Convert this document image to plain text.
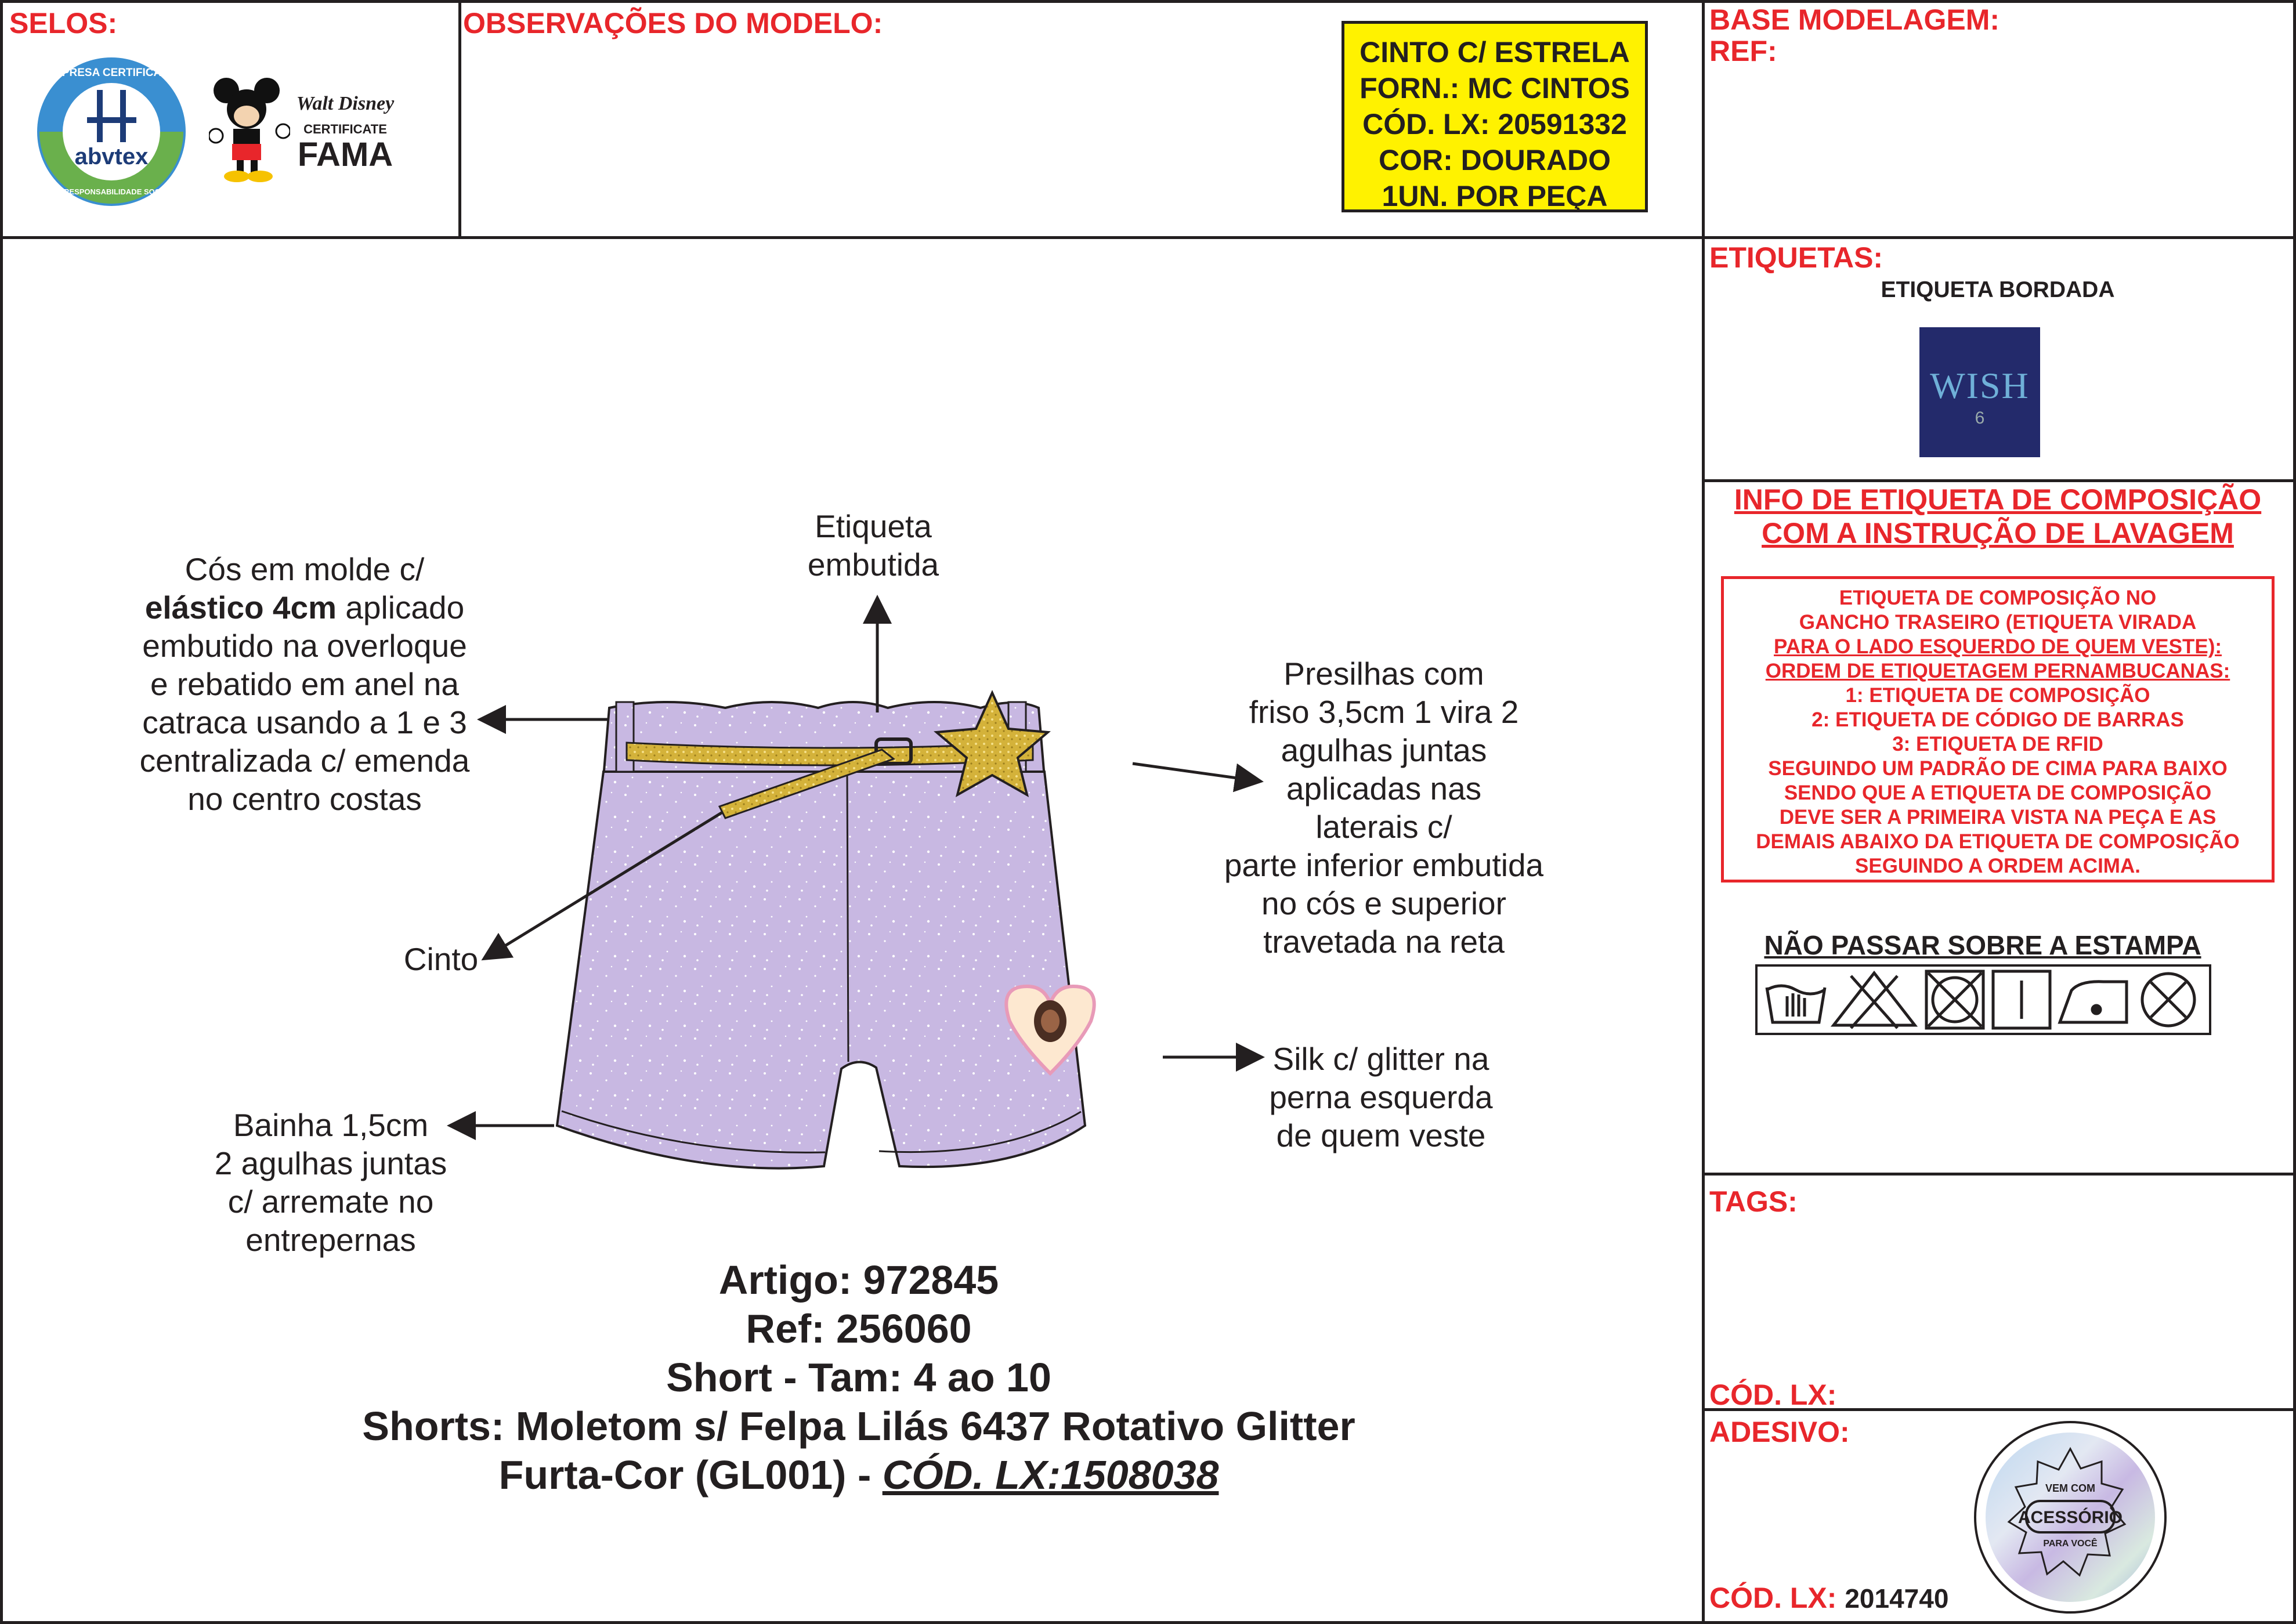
SELOS:	OBSERVAÇÕES DO MODELO:	BASE MODELAGEM:
REF:
ETIQUETAS:
TAGS:
CÓD. LX:
ADESIVO:
CÓD. LX: 2014740
abvtex
EMPRESA CERTIFICADA
EM RESPONSABILIDADE SOCIAL
Walt Disney
CERTIFICATE
FAMA
CINTO C/ ESTRELA
FORN.: MC CINTOS
CÓD. LX: 20591332
COR: DOURADO
1UN. POR PEÇA
ETIQUETA BORDADA
WISH
6
INFO DE ETIQUETA DE COMPOSIÇÃO
COM A INSTRUÇÃO DE LAVAGEM
ETIQUETA DE COMPOSIÇÃO NO
GANCHO TRASEIRO (ETIQUETA VIRADA
PARA O LADO ESQUERDO DE QUEM VESTE):
ORDEM DE ETIQUETAGEM PERNAMBUCANAS:
1: ETIQUETA DE COMPOSIÇÃO
2: ETIQUETA DE CÓDIGO DE BARRAS
3: ETIQUETA DE RFID
SEGUINDO UM PADRÃO DE CIMA PARA BAIXO
SENDO QUE A ETIQUETA DE COMPOSIÇÃO
DEVE SER A PRIMEIRA VISTA NA PEÇA E AS
DEMAIS ABAIXO DA ETIQUETA DE COMPOSIÇÃO
SEGUINDO A ORDEM ACIMA.
NÃO PASSAR SOBRE A ESTAMPA
VEM COM
ACESSÓRIO
PARA VOCÊ
Cós em molde c/
elástico 4cm aplicado
embutido na overloque
e rebatido em anel na
catraca usando a 1 e 3
centralizada c/ emenda
no centro costas
Etiqueta
embutida
Presilhas com
friso 3,5cm 1 vira 2
agulhas juntas
aplicadas nas
laterais c/
parte inferior embutida
no cós e superior
travetada na reta
Cinto
Silk c/ glitter na
perna esquerda
de quem veste
Bainha 1,5cm
2 agulhas juntas
c/ arremate no
entrepernas
Artigo: 972845
Ref: 256060
Short - Tam: 4 ao 10
Shorts: Moletom s/ Felpa Lilás 6437 Rotativo Glitter
Furta-Cor (GL001) - CÓD. LX:1508038
